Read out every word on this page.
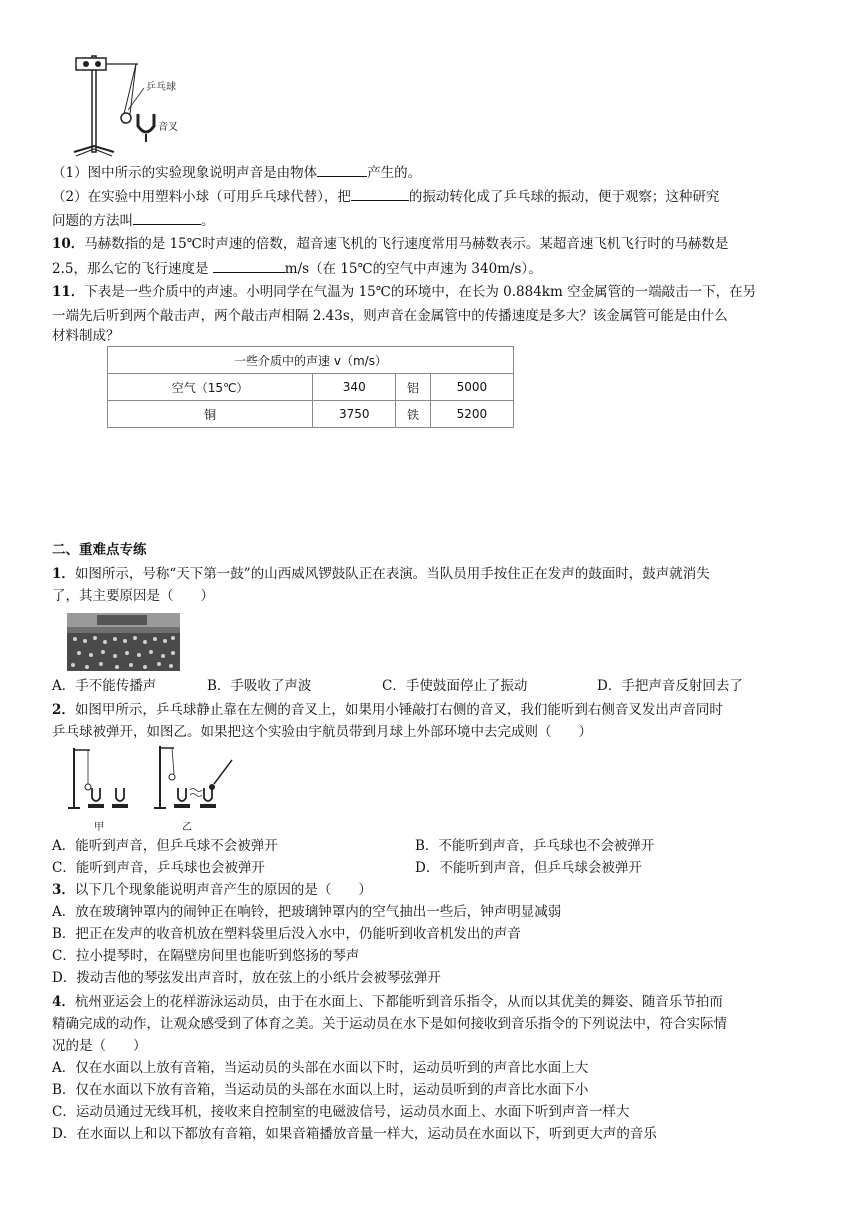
乒乓球
音叉
（1）图中所示的实验现象说明声音是由物体	产生的。
（2）在实验中用塑料小球（可用乒乓球代替），把	的振动转化成了乒乓球的振动，便于观察；这种研究
问题的方法叫	。
10．马赫数指的是 15℃时声速的倍数，超音速飞机的飞行速度常用马赫数表示。某超音速飞机飞行时的马赫数是
2.5，那么它的飞行速度是	m/s（在 15℃的空气中声速为 340m/s）。
11．下表是一些介质中的声速。小明同学在气温为 15℃的环境中，在长为 0.884km 空金属管的一端敲击一下，在另
一端先后听到两个敲击声，两个敲击声相隔 2.43s，则声音在金属管中的传播速度是多大？该金属管可能是由什么
材料制成？
一些介质中的声速 v（m/s）			
空气（15℃）	340	铝	5000
铜	3750	铁	5200
二、重难点专练
1．如图所示，号称“天下第一鼓”的山西威风锣鼓队正在表演。当队员用手按住正在发声的鼓面时，鼓声就消失
了，其主要原因是（　　）
A．手不能传播声	B．手吸收了声波	C．手使鼓面停止了振动	D．手把声音反射回去了
2．如图甲所示，乒乓球静止靠在左侧的音叉上，如果用小锤敲打右侧的音叉，我们能听到右侧音叉发出声音同时
乒乓球被弹开，如图乙。如果把这个实验由宇航员带到月球上外部环境中去完成则（　　）
甲	乙
A．能听到声音，但乒乓球不会被弹开	B．不能听到声音，乒乓球也不会被弹开
C．能听到声音，乒乓球也会被弹开	D．不能听到声音，但乒乓球会被弹开
3．以下几个现象能说明声音产生的原因的是（　　）
A．放在玻璃钟罩内的闹钟正在响铃，把玻璃钟罩内的空气抽出一些后，钟声明显减弱
B．把正在发声的收音机放在塑料袋里后没入水中，仍能听到收音机发出的声音
C．拉小提琴时，在隔壁房间里也能听到悠扬的琴声
D．拨动吉他的琴弦发出声音时，放在弦上的小纸片会被琴弦弹开
4．杭州亚运会上的花样游泳运动员，由于在水面上、下都能听到音乐指令，从而以其优美的舞姿、随音乐节拍而
精确完成的动作，让观众感受到了体育之美。关于运动员在水下是如何接收到音乐指令的下列说法中，符合实际情
况的是（　　）
A．仅在水面以上放有音箱，当运动员的头部在水面以下时，运动员听到的声音比水面上大
B．仅在水面以下放有音箱，当运动员的头部在水面以上时，运动员听到的声音比水面下小
C．运动员通过无线耳机，接收来自控制室的电磁波信号，运动员水面上、水面下听到声音一样大
D．在水面以上和以下都放有音箱，如果音箱播放音量一样大，运动员在水面以下，听到更大声的音乐
